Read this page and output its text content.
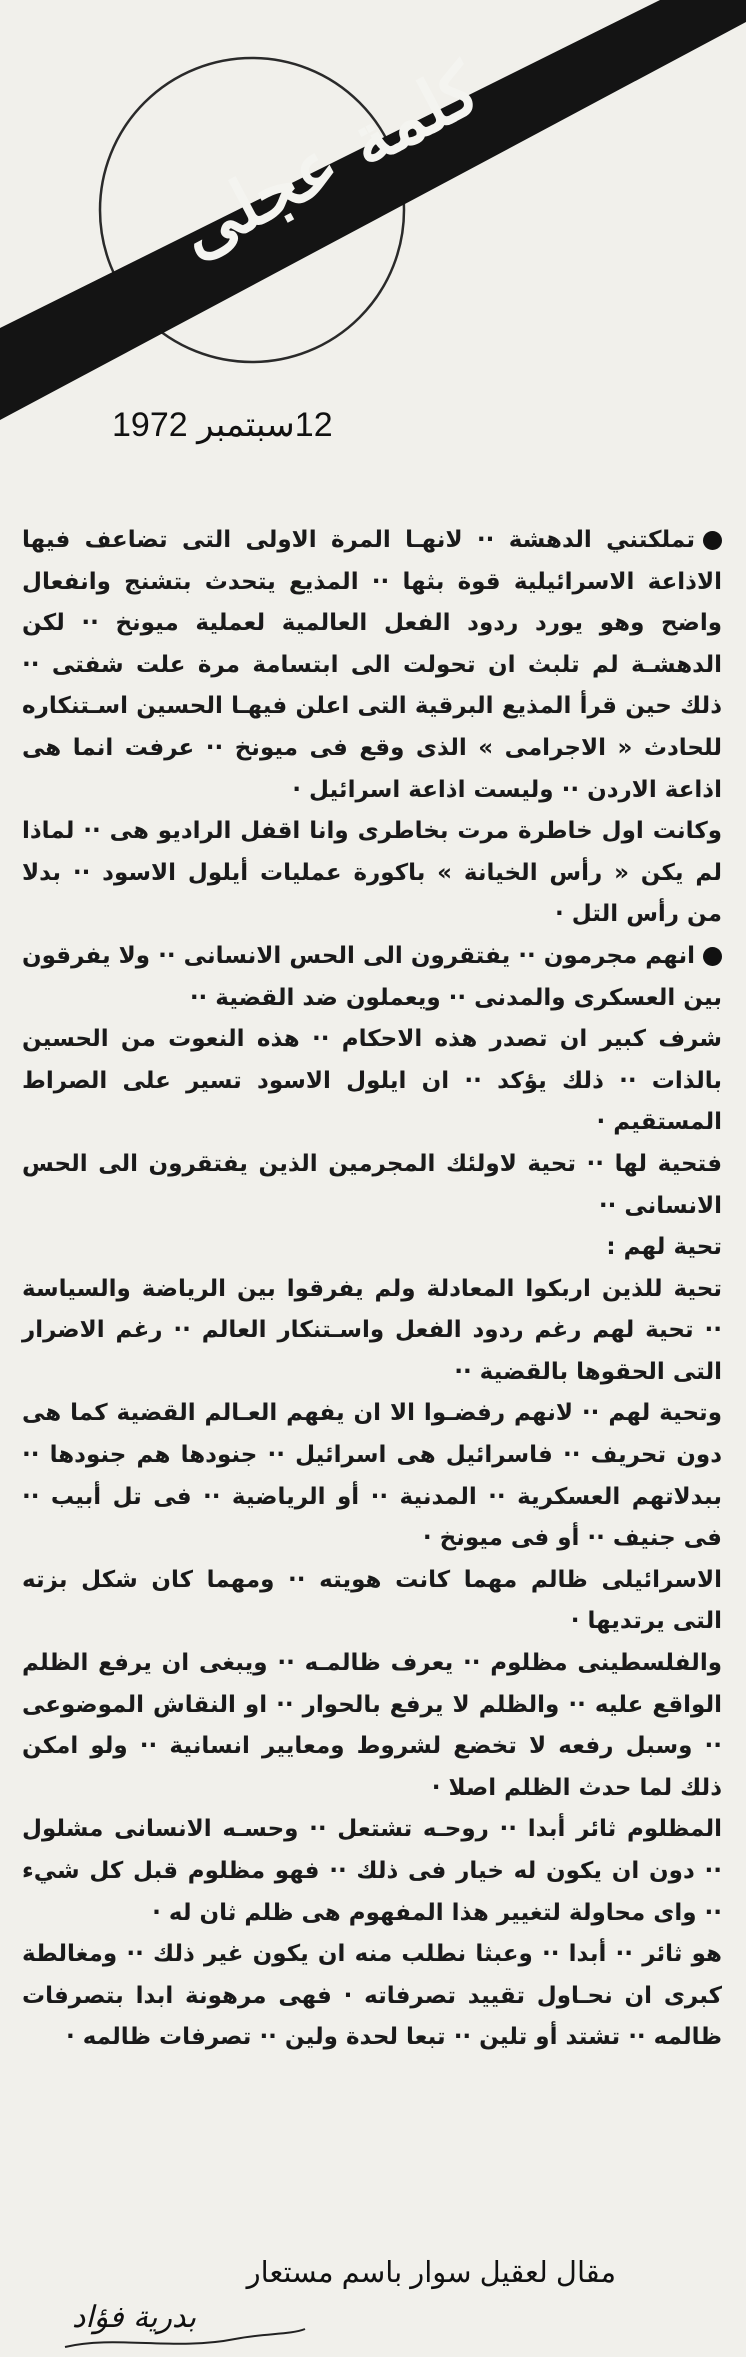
كلمة عجلى
12سبتمبر 1972

تملكتني الدهشة ·· لانهـا المرة الاولى التى تضاعف فيها الاذاعة الاسرائيلية قوة بثها ·· المذيع يتحدث بتشنج وانفعال واضح وهو يورد ردود الفعل العالمية لعملية ميونخ ·· لكن الدهشـة لم تلبث ان تحولت الى ابتسامة مرة علت شفتى ·· ذلك حين قرأ المذيع البرقية التى اعلن فيهـا الحسين اسـتنكاره للحادث « الاجرامى » الذى وقع فى ميونخ ·· عرفت انما هى اذاعة الاردن ·· وليست اذاعة اسرائيل ·

وكانت اول خاطرة مرت بخاطرى وانا اقفل الراديو هى ·· لماذا لم يكن « رأس الخيانة » باكورة عمليات أيلول الاسود ·· بدلا من رأس التل ·

انهم مجرمون ·· يفتقرون الى الحس الانسانى ·· ولا يفرقون بين العسكرى والمدنى ·· ويعملون ضد القضية ··

شرف كبير ان تصدر هذه الاحكام ·· هذه النعوت من الحسين بالذات ·· ذلك يؤكد ·· ان ايلول الاسود تسير على الصراط المستقيم ·

فتحية لها ·· تحية لاولئك المجرمين الذين يفتقرون الى الحس الانسانى ··

تحية لهم :

تحية للذين اربكوا المعادلة ولم يفرقوا بين الرياضة والسياسة ·· تحية لهم رغم ردود الفعل واسـتنكار العالم ·· رغم الاضرار التى الحقوها بالقضية ··

وتحية لهم ·· لانهم رفضـوا الا ان يفهم العـالم القضية كما هى دون تحريف ·· فاسرائيل هى اسرائيل ·· جنودها هم جنودها ·· ببدلاتهم العسكرية ·· المدنية ·· أو الرياضية ·· فى تل أبيب ·· فى جنيف ·· أو فى ميونخ ·

الاسرائيلى ظالم مهما كانت هويته ·· ومهما كان شكل بزته التى يرتديها ·

والفلسطينى مظلوم ·· يعرف ظالمـه ·· ويبغى ان يرفع الظلم الواقع عليه ·· والظلم لا يرفع بالحوار ·· او النقاش الموضوعى ·· وسبل رفعه لا تخضع لشروط ومعايير انسانية ·· ولو امكن ذلك لما حدث الظلم اصلا ·

المظلوم ثائر أبدا ·· روحـه تشتعل ·· وحسـه الانسانى مشلول ·· دون ان يكون له خيار فى ذلك ·· فهو مظلوم قبل كل شيء ·· واى محاولة لتغيير هذا المفهوم هى ظلم ثان له ·

هو ثائر ·· أبدا ·· وعبثا نطلب منه ان يكون غير ذلك ·· ومغالطة كبرى ان نحـاول تقييد تصرفاته · فهى مرهونة ابدا بتصرفات ظالمه ·· تشتد أو تلين ·· تبعا لحدة ولين ·· تصرفات ظالمه ·

مقال لعقيل سوار باسم مستعار
بدرية فؤاد
